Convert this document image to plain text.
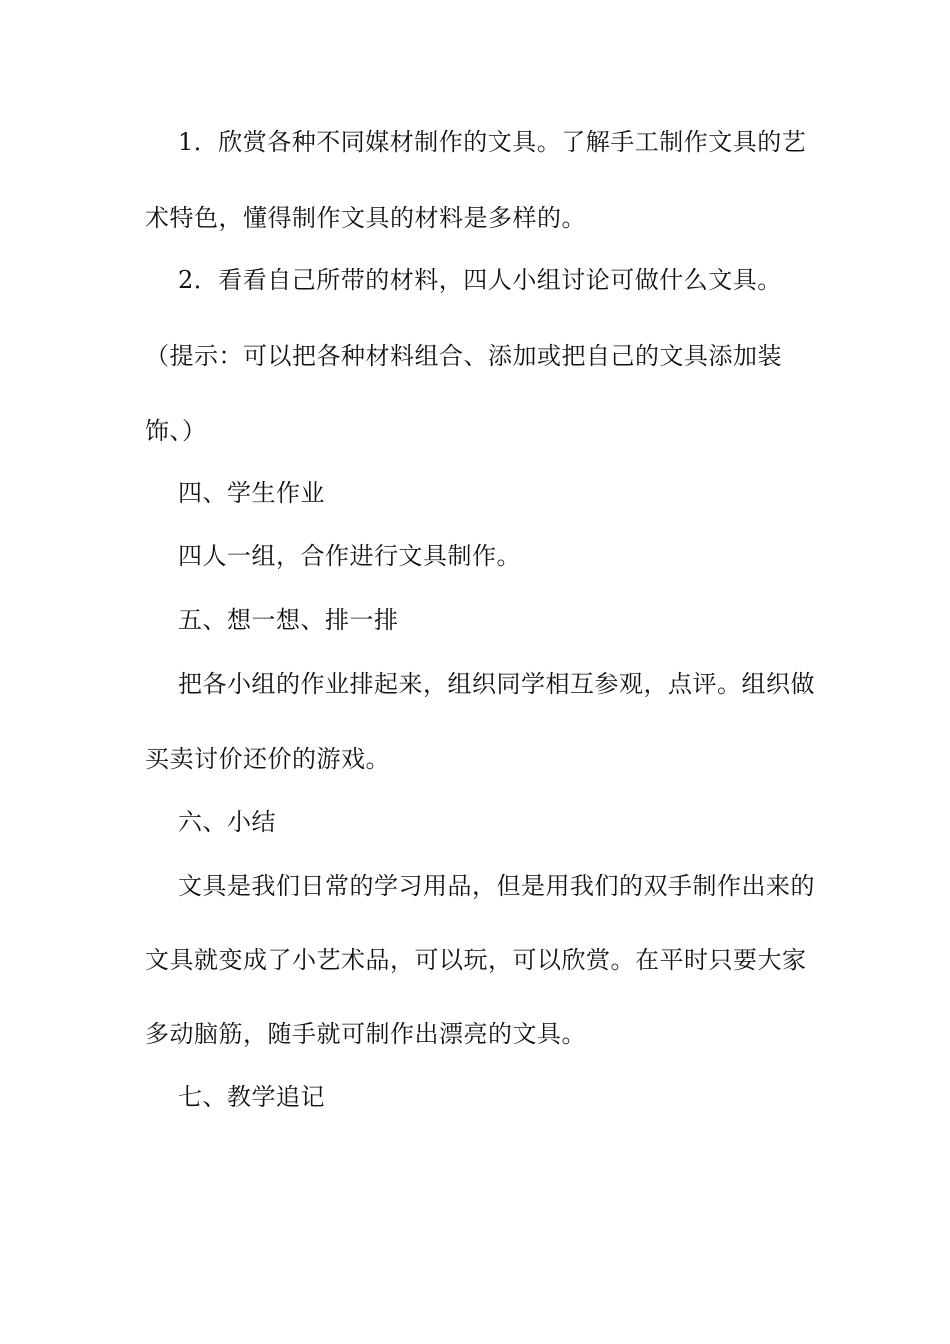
1．欣赏各种不同媒材制作的文具。了解手工制作文具的艺
术特色，懂得制作文具的材料是多样的。
2．看看自己所带的材料，四人小组讨论可做什么文具。
（提示：可以把各种材料组合、添加或把自己的文具添加装
饰、）
四、学生作业
四人一组，合作进行文具制作。
五、想一想、排一排
把各小组的作业排起来，组织同学相互参观，点评。组织做
买卖讨价还价的游戏。
六、小结
文具是我们日常的学习用品，但是用我们的双手制作出来的
文具就变成了小艺术品，可以玩，可以欣赏。在平时只要大家
多动脑筋，随手就可制作出漂亮的文具。
七、教学追记
